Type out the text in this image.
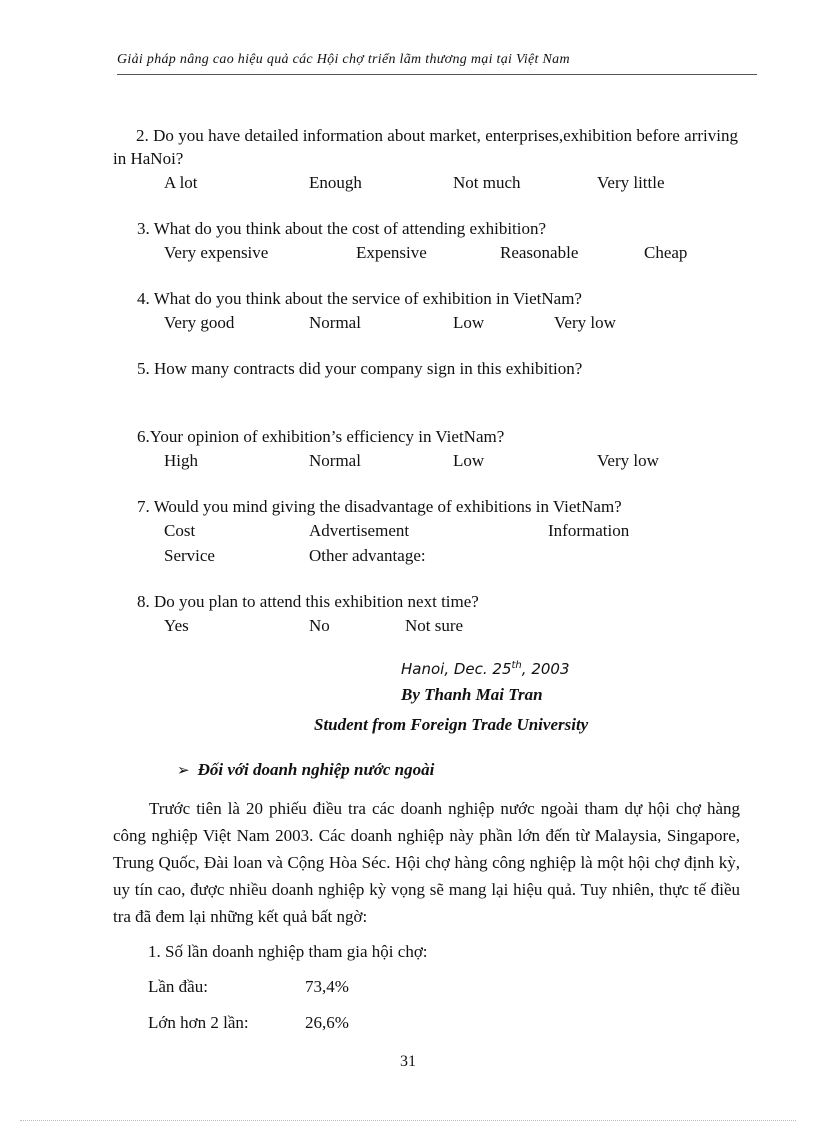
Giải pháp nâng cao hiệu quả các Hội chợ triển lãm thương mại tại Việt Nam
2. Do you have detailed information about market, enterprises,exhibition before arriving in HaNoi?
A lot	Enough	Not much	Very little
3. What do you think about the cost of attending exhibition?
Very expensive	Expensive	Reasonable	Cheap
4. What do you think about the service of exhibition in VietNam?
Very good	Normal	Low	Very low
5. How many contracts did your company sign in this exhibition?
6.Your opinion of exhibition’s efficiency in VietNam?
High	Normal	Low	Very low
7. Would you mind giving the disadvantage of exhibitions in VietNam?
Cost	Advertisement	Information
Service	Other advantage:
8. Do you plan to attend this exhibition next time?
Yes	No	Not sure
Hanoi, Dec. 25th, 2003
By Thanh Mai Tran
Student from Foreign Trade University
➢ Đối với doanh nghiệp nước ngoài
Trước tiên là 20 phiếu điều tra các doanh nghiệp nước ngoài tham dự hội chợ hàng công nghiệp Việt Nam 2003. Các doanh nghiệp này phần lớn đến từ Malaysia, Singapore, Trung Quốc, Đài loan và Cộng Hòa Séc. Hội chợ hàng công nghiệp là một hội chợ định kỳ, uy tín cao, được nhiều doanh nghiệp kỳ vọng sẽ mang lại hiệu quả. Tuy nhiên, thực tế điều tra đã đem lại những kết quả bất ngờ:
1. Số lần doanh nghiệp tham gia hội chợ:
Lần đầu:	73,4%
Lớn hơn 2 lần:	26,6%
31
